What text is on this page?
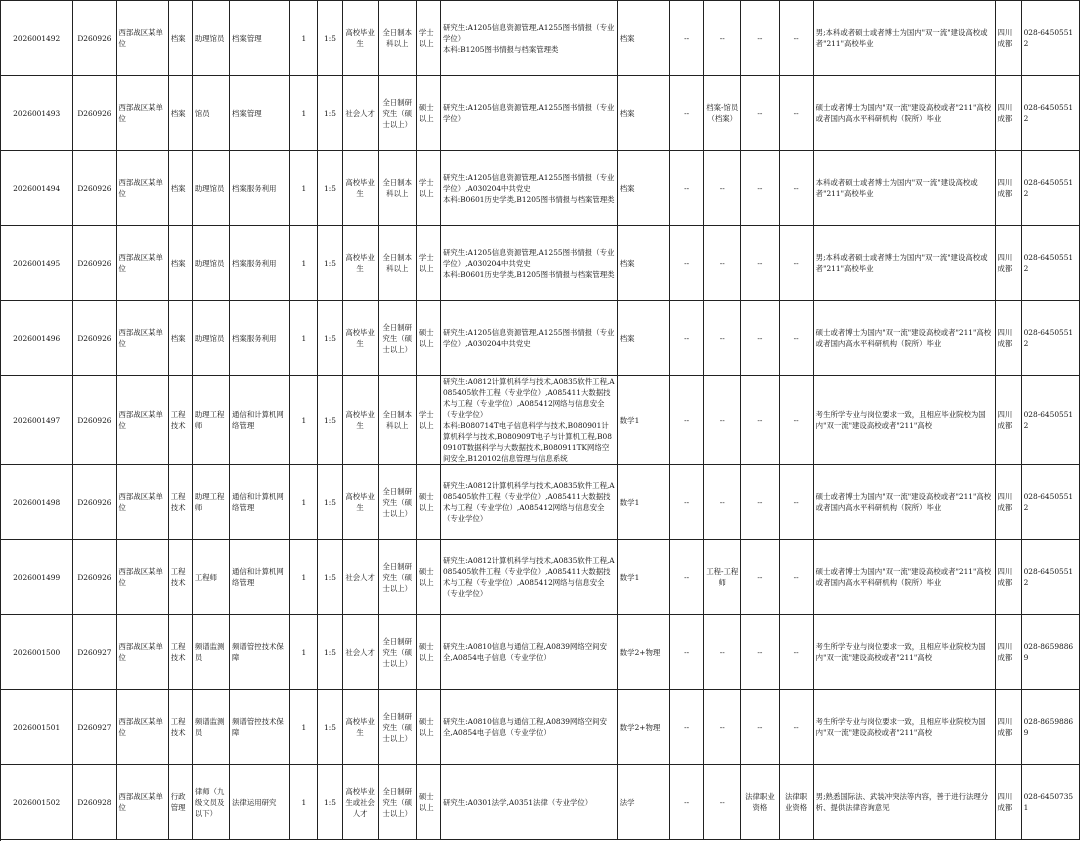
2026001492	D260926	西部战区某单位	档案	助理馆员	档案管理	1	1:5	高校毕业生	全日制本科以上	学士以上	研究生:A1205信息资源管理,A1255图书情报（专业学位）
本科:B1205图书情报与档案管理类	档案	--	--	--	--	男;本科或者硕士或者博士为国内"双一流"建设高校或者"211"高校毕业	四川成都	028-64505512
2026001493	D260926	西部战区某单位	档案	馆员	档案管理	1	1:5	社会人才	全日制研究生（硕士以上）	硕士以上	研究生:A1205信息资源管理,A1255图书情报（专业学位）	档案	--	档案-馆员（档案）	--	--	硕士或者博士为国内"双一流"建设高校或者"211"高校或者国内高水平科研机构（院所）毕业	四川成都	028-64505512
2026001494	D260926	西部战区某单位	档案	助理馆员	档案服务利用	1	1:5	高校毕业生	全日制本科以上	学士以上	研究生:A1205信息资源管理,A1255图书情报（专业学位）,A030204中共党史
本科:B0601历史学类,B1205图书情报与档案管理类	档案	--	--	--	--	本科或者硕士或者博士为国内"双一流"建设高校或者"211"高校毕业	四川成都	028-64505512
2026001495	D260926	西部战区某单位	档案	助理馆员	档案服务利用	1	1:5	高校毕业生	全日制本科以上	学士以上	研究生:A1205信息资源管理,A1255图书情报（专业学位）,A030204中共党史
本科:B0601历史学类,B1205图书情报与档案管理类	档案	--	--	--	--	男;本科或者硕士或者博士为国内"双一流"建设高校或者"211"高校毕业	四川成都	028-64505512
2026001496	D260926	西部战区某单位	档案	助理馆员	档案服务利用	1	1:5	高校毕业生	全日制研究生（硕士以上）	硕士以上	研究生:A1205信息资源管理,A1255图书情报（专业学位）,A030204中共党史	档案	--	--	--	--	硕士或者博士为国内"双一流"建设高校或者"211"高校或者国内高水平科研机构（院所）毕业	四川成都	028-64505512
2026001497	D260926	西部战区某单位	工程技术	助理工程师	通信和计算机网络管理	1	1:5	高校毕业生	全日制本科以上	学士以上	研究生:A0812计算机科学与技术,A0835软件工程,A085405软件工程（专业学位）,A085411大数据技术与工程（专业学位）,A085412网络与信息安全（专业学位）
本科:B080714T电子信息科学与技术,B080901计算机科学与技术,B080909T电子与计算机工程,B080910T数据科学与大数据技术,B080911TK网络空间安全,B120102信息管理与信息系统	数学1	--	--	--	--	考生所学专业与岗位要求一致，且相应毕业院校为国内"双一流"建设高校或者"211"高校	四川成都	028-64505512
2026001498	D260926	西部战区某单位	工程技术	助理工程师	通信和计算机网络管理	1	1:5	高校毕业生	全日制研究生（硕士以上）	硕士以上	研究生:A0812计算机科学与技术,A0835软件工程,A085405软件工程（专业学位）,A085411大数据技术与工程（专业学位）,A085412网络与信息安全（专业学位）	数学1	--	--	--	--	硕士或者博士为国内"双一流"建设高校或者"211"高校或者国内高水平科研机构（院所）毕业	四川成都	028-64505512
2026001499	D260926	西部战区某单位	工程技术	工程师	通信和计算机网络管理	1	1:5	社会人才	全日制研究生（硕士以上）	硕士以上	研究生:A0812计算机科学与技术,A0835软件工程,A085405软件工程（专业学位）,A085411大数据技术与工程（专业学位）,A085412网络与信息安全（专业学位）	数学1	--	工程-工程师	--	--	硕士或者博士为国内"双一流"建设高校或者"211"高校或者国内高水平科研机构（院所）毕业	四川成都	028-64505512
2026001500	D260927	西部战区某单位	工程技术	频谱监测员	频谱管控技术保障	1	1:5	社会人才	全日制研究生（硕士以上）	硕士以上	研究生:A0810信息与通信工程,A0839网络空间安全,A0854电子信息（专业学位）	数学2+物理	--	--	--	--	考生所学专业与岗位要求一致，且相应毕业院校为国内"双一流"建设高校或者"211"高校	四川成都	028-86598869
2026001501	D260927	西部战区某单位	工程技术	频谱监测员	频谱管控技术保障	1	1:5	高校毕业生	全日制研究生（硕士以上）	硕士以上	研究生:A0810信息与通信工程,A0839网络空间安全,A0854电子信息（专业学位）	数学2+物理	--	--	--	--	考生所学专业与岗位要求一致，且相应毕业院校为国内"双一流"建设高校或者"211"高校	四川成都	028-86598869
2026001502	D260928	西部战区某单位	行政管理	律师（九级文员及以下）	法律运用研究	1	1:5	高校毕业生或社会人才	全日制研究生（硕士以上）	硕士以上	研究生:A0301法学,A0351法律（专业学位）	法学	--	--	法律职业资格	法律职业资格	男;熟悉国际法、武装冲突法等内容，善于进行法理分析、提供法律咨询意见	四川成都	028-64507351
